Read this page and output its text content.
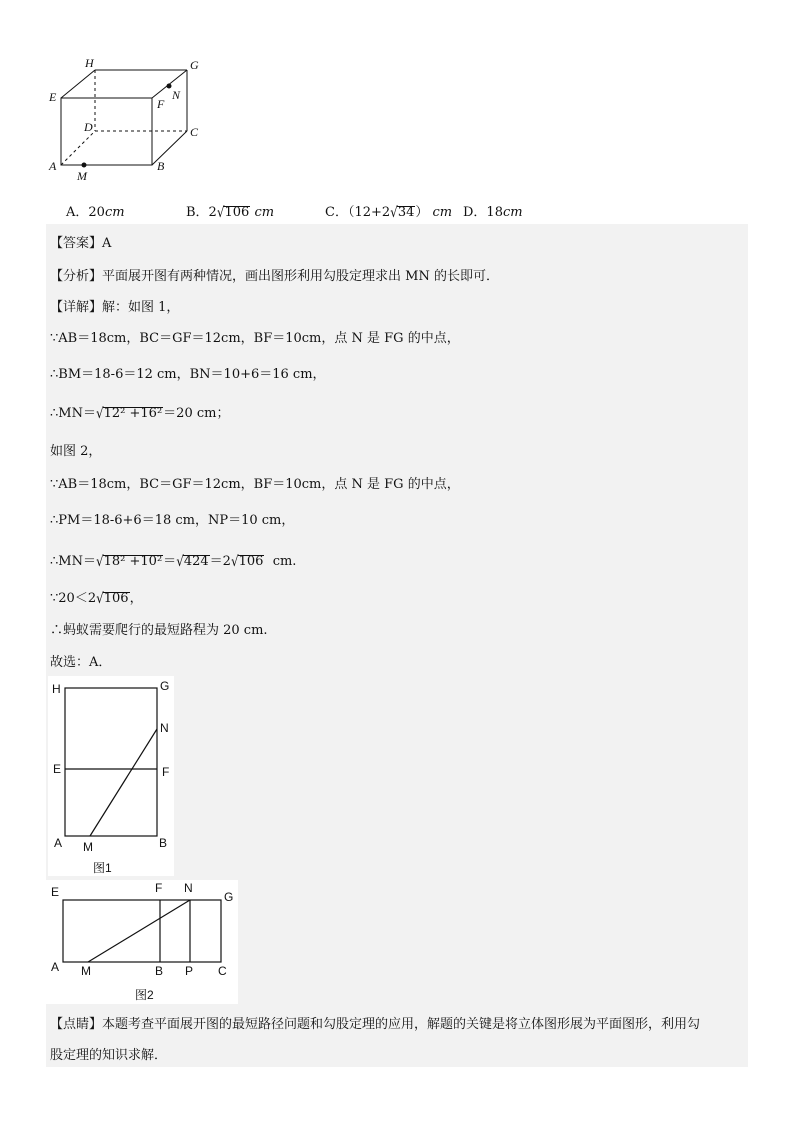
H	G
E	N
F
D	C
A	B
M
A．20cm	B．2√106 cm	C．（12+2√34） cm D．18cm
【答案】A
【分析】平面展开图有两种情况，画出图形利用勾股定理求出 MN 的长即可．
【详解】解：如图 1，
∵AB＝18cm，BC＝GF＝12cm，BF＝10cm，点 N 是 FG 的中点，
∴BM＝18-6＝12 cm，BN＝10+6＝16 cm，
∴MN＝√12² +16²＝20 cm；
如图 2，
∵AB＝18cm，BC＝GF＝12cm，BF＝10cm，点 N 是 FG 的中点，
∴PM＝18-6+6＝18 cm，NP＝10 cm，
∴MN＝√18² +10²＝√424＝2√106  cm.
∵20＜2√106，
∴蚂蚁需要爬行的最短路程为 20 cm.
故选：A．
H	G
N
E	F
A M	B
图1
E	F N
G
A M	B P C
图2
【点睛】本题考查平面展开图的最短路径问题和勾股定理的应用，解题的关键是将立体图形展为平面图形，利用勾
股定理的知识求解．
